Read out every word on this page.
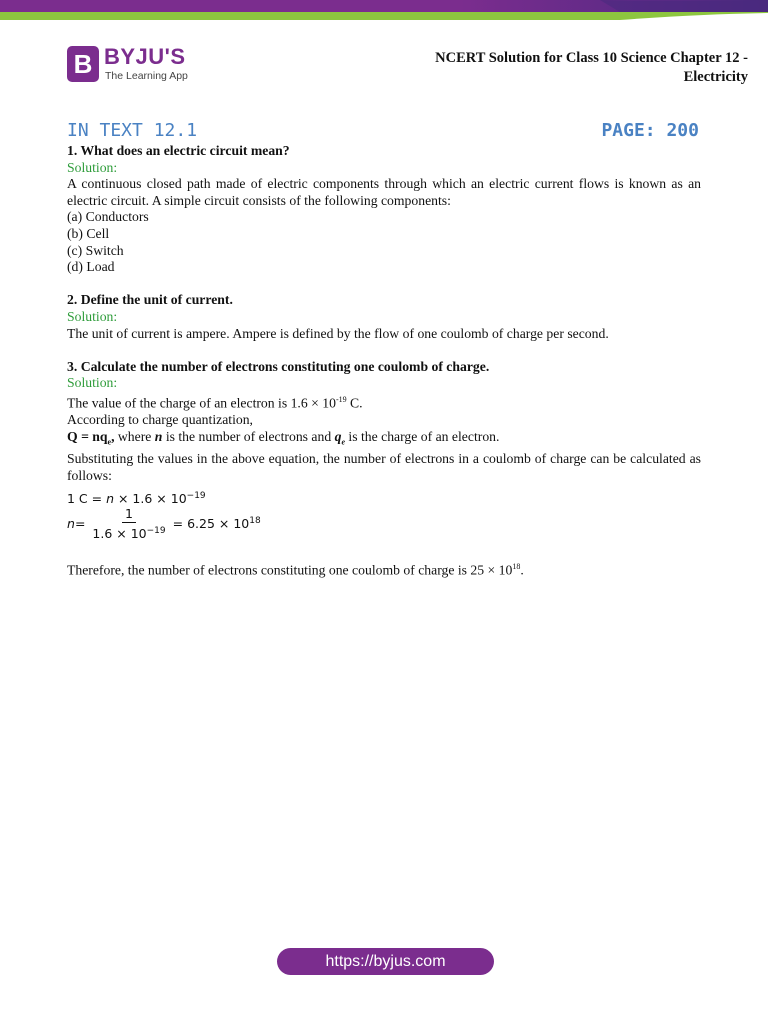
B BYJU'S
The Learning App
NCERT Solution for Class 10 Science Chapter 12 -
Electricity
IN TEXT 12.1	PAGE: 200

1. What does an electric circuit mean?

Solution:

A continuous closed path made of electric components through which an electric current flows is known as an electric circuit. A simple circuit consists of the following components:

(a) Conductors

(b) Cell

(c) Switch

(d) Load

2. Define the unit of current.

Solution:

The unit of current is ampere. Ampere is defined by the flow of one coulomb of charge per second.

3. Calculate the number of electrons constituting one coulomb of charge.

Solution:

The value of the charge of an electron is $1.6 \times 10^{-19}$ C.

According to charge quantization,

$Q = nq_e$, where n is the number of electrons and $q_e$ is the charge of an electron.

Substituting the values in the above equation, the number of electrons in a coulomb of charge can be calculated as follows:

1 $C = n \times 1.6 \times 10^{-19}$
$n = \frac{1}{1.6 \times 10^{-19}} = 6.25 \times 10^{18}$

Therefore, the number of electrons constituting one coulomb of charge is $25 \times 10^{18}$.

https://byjus.com
